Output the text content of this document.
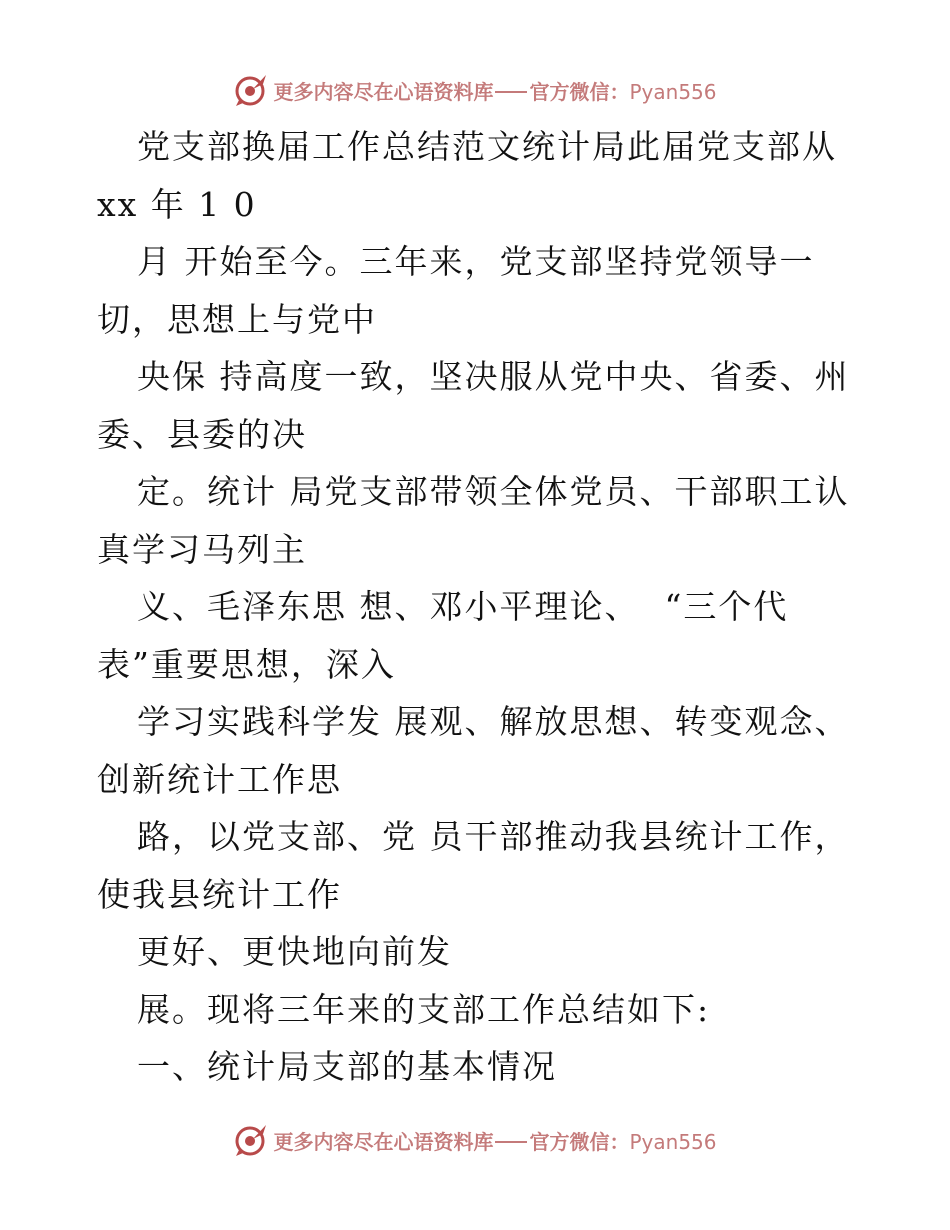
更多内容尽在心语资料库 官方微信：Pyan556
党支部换届工作总结范文统计局此届党支部从
xx 年 1 0
月 开始至今。三年来，党支部坚持党领导一
切，思想上与党中
央保 持高度一致，坚决服从党中央、省委、州
委、县委的决
定。统计 局党支部带领全体党员、干部职工认
真学习马列主
义、毛泽东思 想、邓小平理论、  “三个代
表”重要思想，深入
学习实践科学发 展观、解放思想、转变观念、
创新统计工作思
路，以党支部、党 员干部推动我县统计工作，
使我县统计工作
更好、更快地向前发
展。现将三年来的支部工作总结如下:
一、统计局支部的基本情况
更多内容尽在心语资料库 官方微信：Pyan556
